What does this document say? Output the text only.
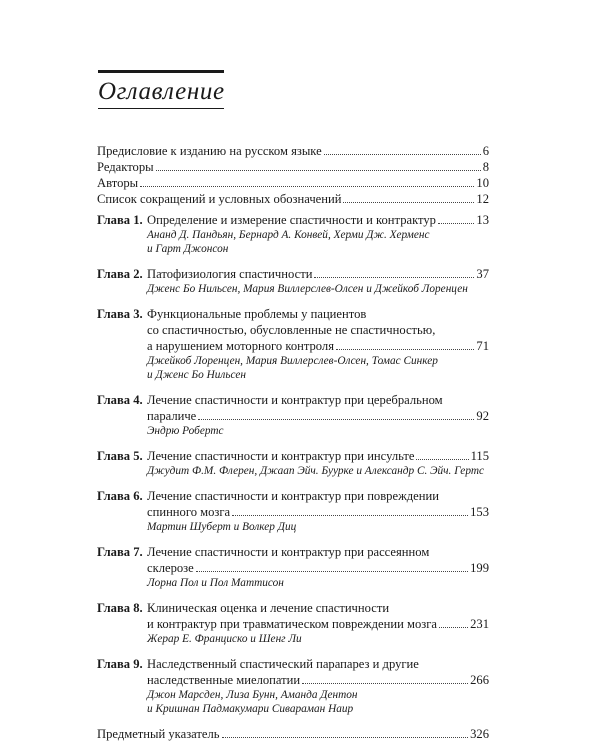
Оглавление
Предисловие к изданию на русском языке	6
Редакторы	8
Авторы	10
Список сокращений и условных обозначений	12
Глава 1. Определение и измерение спастичности и контрактур	13
Ананд Д. Пандьян, Бернард А. Конвей, Херми Дж. Херменс
и Гарт Джонсон
Глава 2. Патофизиология спастичности	37
Дженс Бо Нильсен, Мария Виллерслев-Олсен и Джейкоб Лоренцен
Глава 3. Функциональные проблемы у пациентов
со спастичностью, обусловленные не спастичностью,
а нарушением моторного контроля	71
Джейкоб Лоренцен, Мария Виллерслев-Олсен, Томас Синкер
и Дженс Бо Нильсен
Глава 4. Лечение спастичности и контрактур при церебральном
параличе	92
Эндрю Робертс
Глава 5. Лечение спастичности и контрактур при инсульте	115
Джудит Ф.М. Флерен, Джаап Эйч. Буурке и Александр С. Эйч. Гертс
Глава 6. Лечение спастичности и контрактур при повреждении
спинного мозга	153
Мартин Шуберт и Волкер Диц
Глава 7. Лечение спастичности и контрактур при рассеянном
склерозе	199
Лорна Пол и Пол Маттисон
Глава 8. Клиническая оценка и лечение спастичности
и контрактур при травматическом повреждении мозга	231
Жерар Е. Франциско и Шенг Ли
Глава 9. Наследственный спастический парапарез и другие
наследственные миелопатии	266
Джон Марсден, Лиза Бунн, Аманда Дентон
и Кришнан Падмакумари Сивараман Наир
Предметный указатель	326
